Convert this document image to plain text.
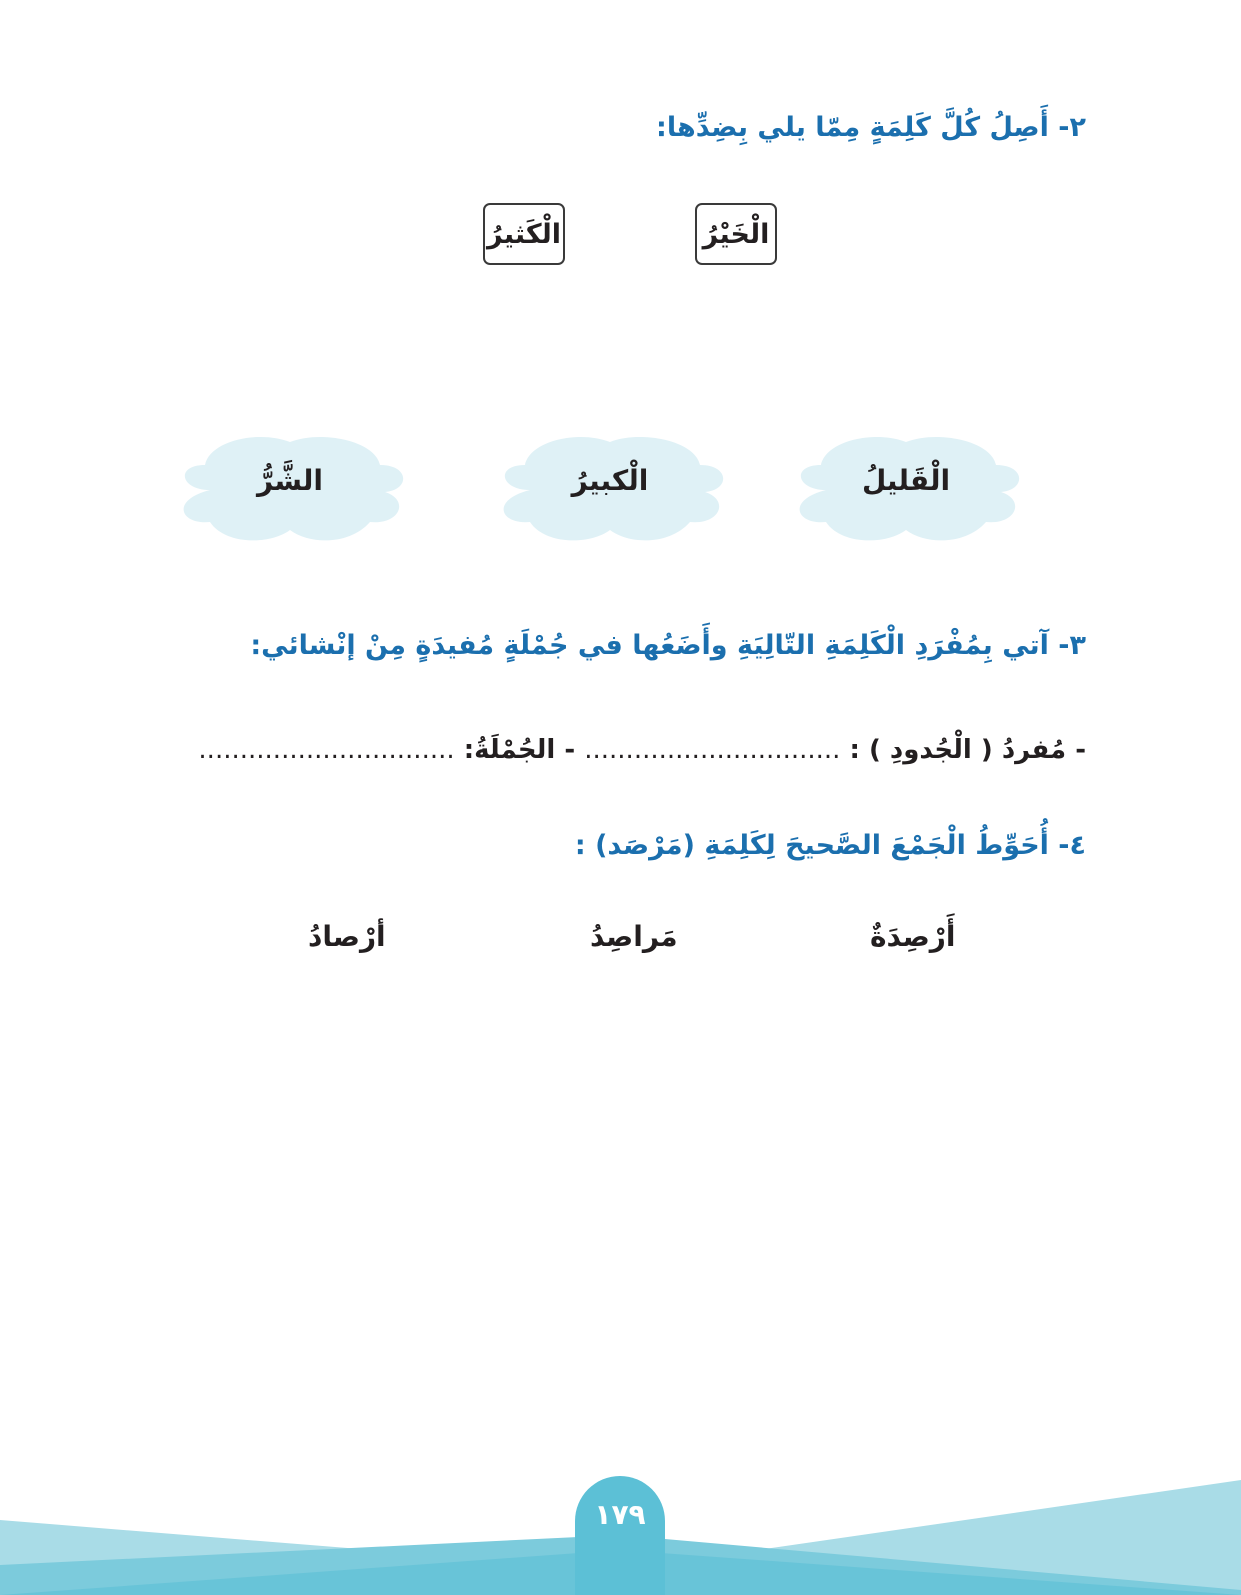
٢- أَصِلُ كُلَّ كَلِمَةٍ مِمّا يلي بِضِدِّها:
الْخَيْرُ
الْكَثيرُ
الْقَليلُ
الْكبيرُ
الشَّرُّ
٣- آتي بِمُفْرَدِ الْكَلِمَةِ التّالِيَةِ وأَضَعُها في جُمْلَةٍ مُفيدَةٍ مِنْ إنْشائي:
- مُفردُ ( الْجُدودِ ) : ............................... - الجُمْلَةُ: ...............................
٤- أُحَوِّطُ الْجَمْعَ الصَّحيحَ لِكَلِمَةِ (مَرْصَد) :
أَرْصِدَةٌ
مَراصِدُ
أرْصادُ
١٧٩
